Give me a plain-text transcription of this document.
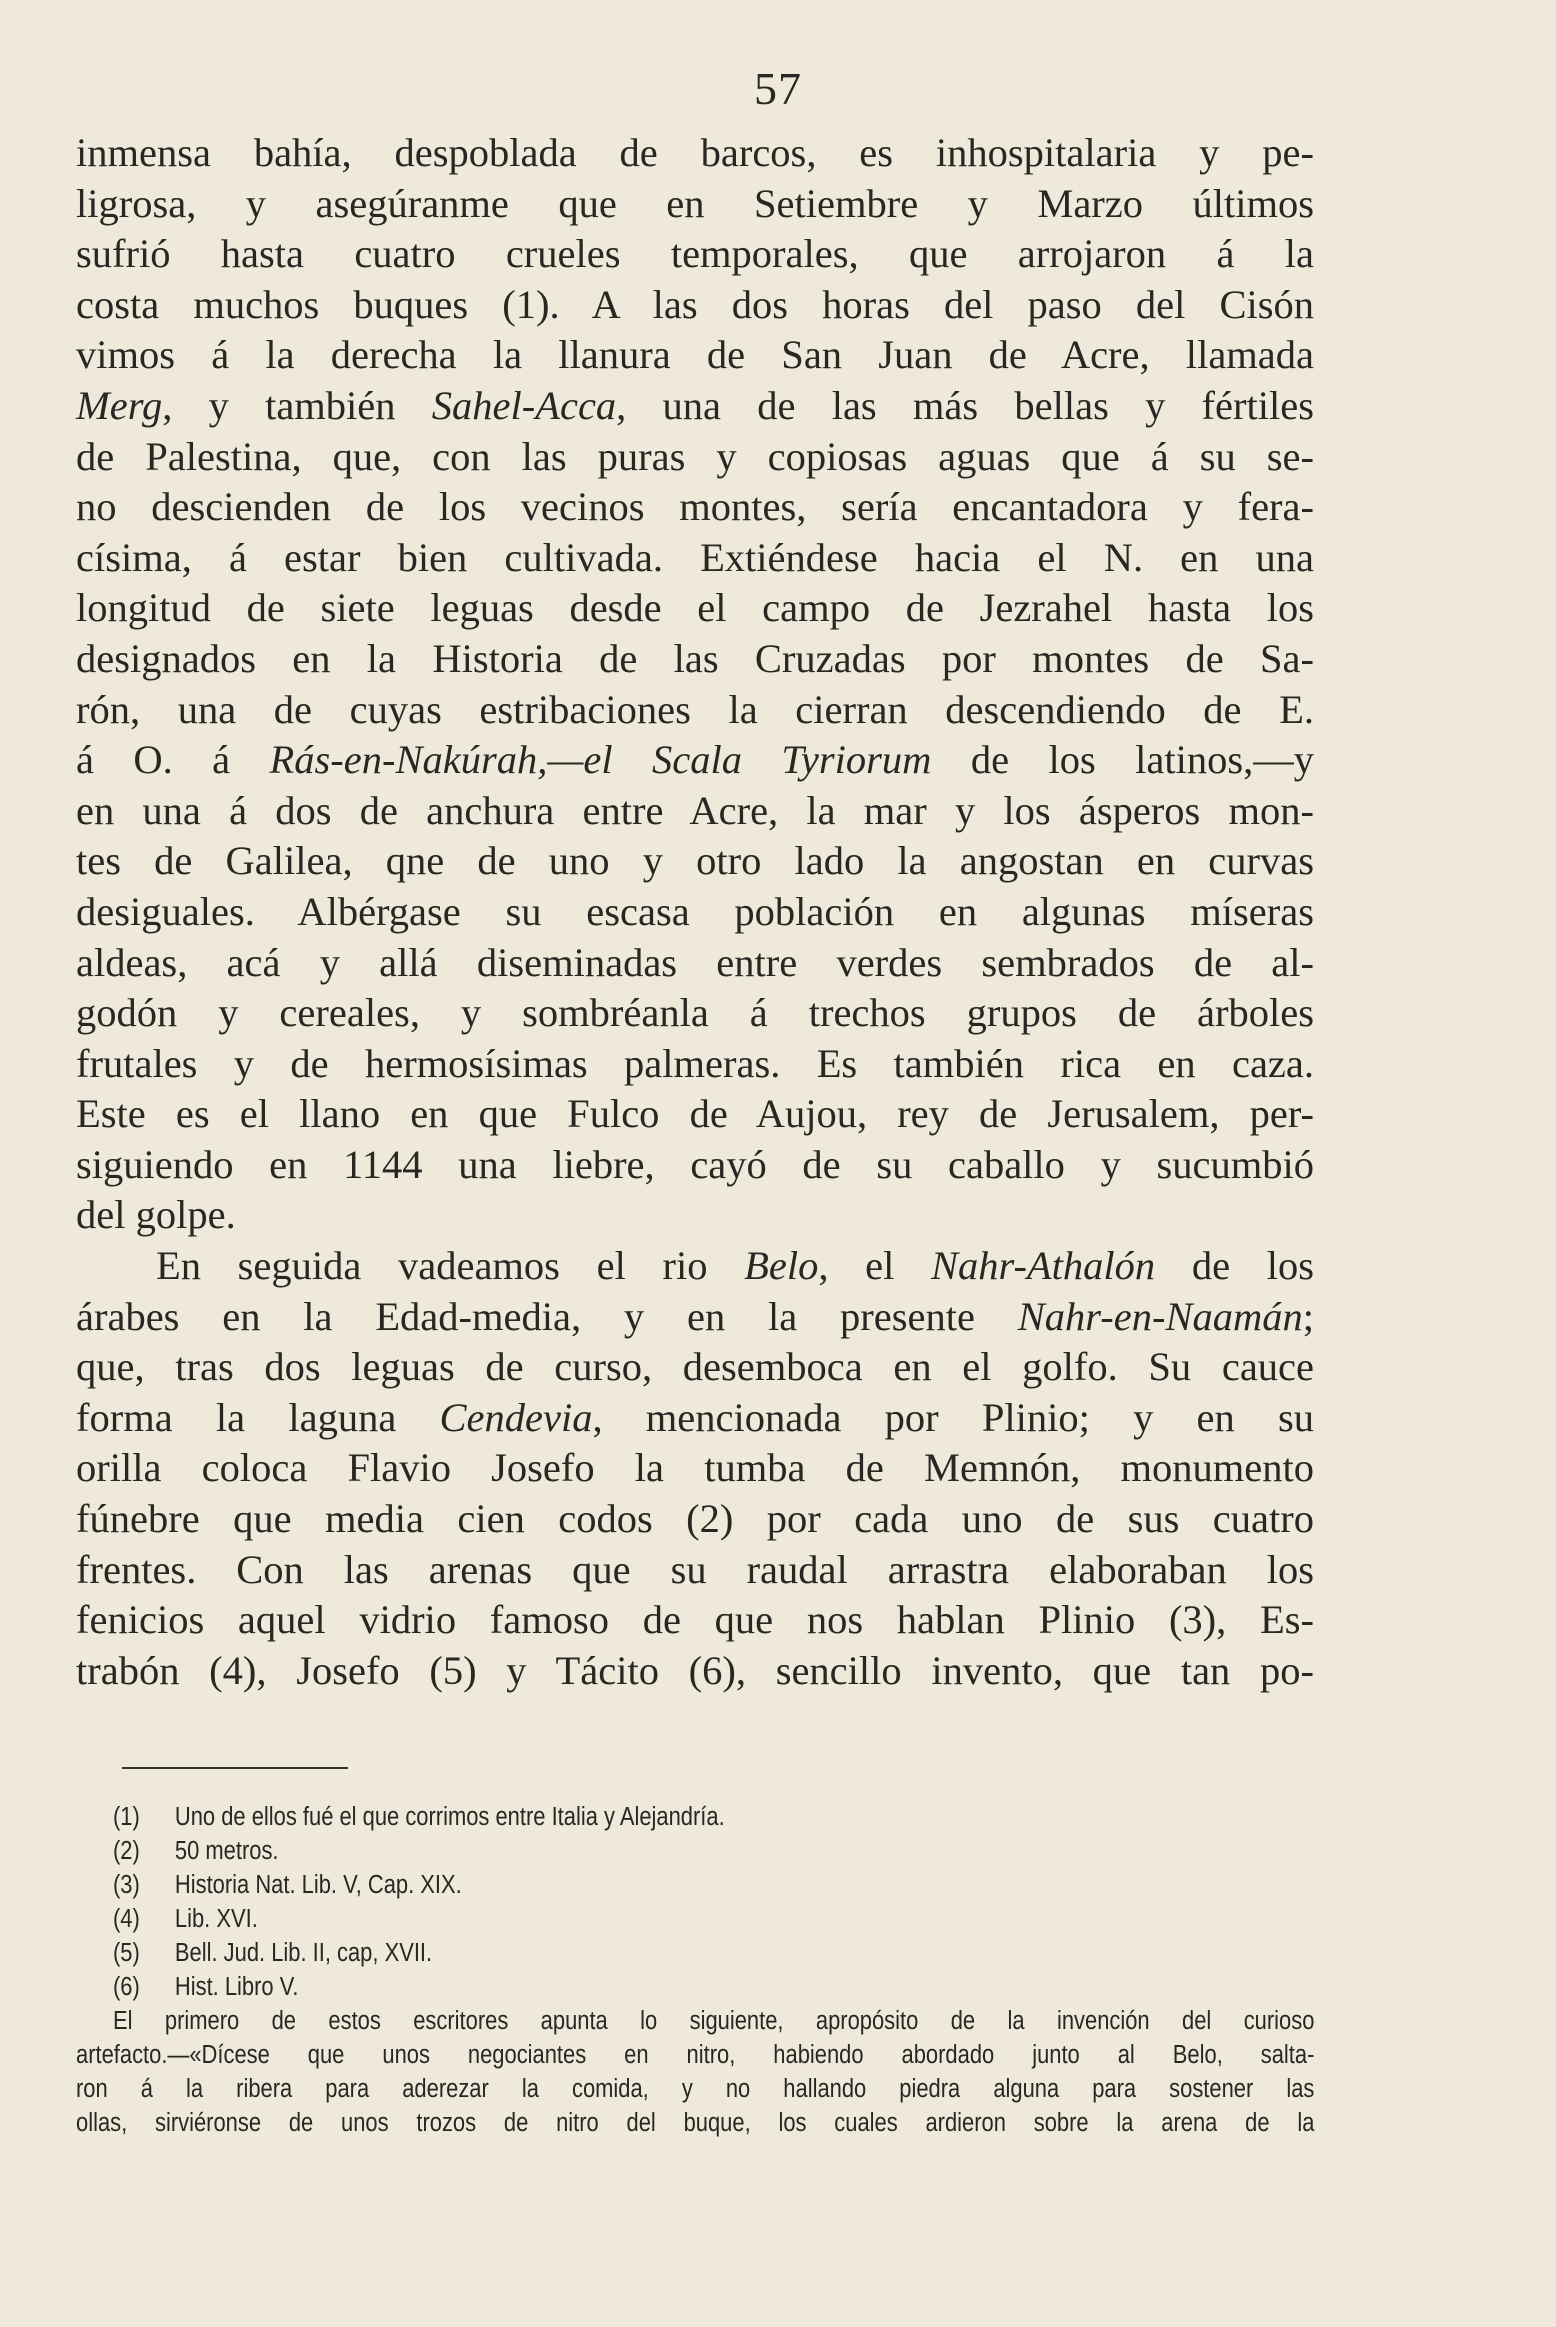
57
inmensa bahía, despoblada de barcos, es inhospitalaria y pe-
ligrosa, y asegúranme que en Setiembre y Marzo últimos
sufrió hasta cuatro crueles temporales, que arrojaron á la
costa muchos buques (1). A las dos horas del paso del Cisón
vimos á la derecha la llanura de San Juan de Acre, llamada
Merg, y también Sahel-Acca, una de las más bellas y fértiles
de Palestina, que, con las puras y copiosas aguas que á su se-
no descienden de los vecinos montes, sería encantadora y fera-
císima, á estar bien cultivada. Extiéndese hacia el N. en una
longitud de siete leguas desde el campo de Jezrahel hasta los
designados en la Historia de las Cruzadas por montes de Sa-
rón, una de cuyas estribaciones la cierran descendiendo de E.
á O. á Rás-en-Nakúrah,—el Scala Tyriorum de los latinos,—y
en una á dos de anchura entre Acre, la mar y los ásperos mon-
tes de Galilea, qne de uno y otro lado la angostan en curvas
desiguales. Albérgase su escasa población en algunas míseras
aldeas, acá y allá diseminadas entre verdes sembrados de al-
godón y cereales, y sombréanla á trechos grupos de árboles
frutales y de hermosísimas palmeras. Es también rica en caza.
Este es el llano en que Fulco de Aujou, rey de Jerusalem, per-
siguiendo en 1144 una liebre, cayó de su caballo y sucumbió
del golpe.
En seguida vadeamos el rio Belo, el Nahr-Athalón de los
árabes en la Edad-media, y en la presente Nahr-en-Naamán;
que, tras dos leguas de curso, desemboca en el golfo. Su cauce
forma la laguna Cendevia, mencionada por Plinio; y en su
orilla coloca Flavio Josefo la tumba de Memnón, monumento
fúnebre que media cien codos (2) por cada uno de sus cuatro
frentes. Con las arenas que su raudal arrastra elaboraban los
fenicios aquel vidrio famoso de que nos hablan Plinio (3), Es-
trabón (4), Josefo (5) y Tácito (6), sencillo invento, que tan po-
(1) Uno de ellos fué el que corrimos entre Italia y Alejandría.
(2) 50 metros.
(3) Historia Nat. Lib. V, Cap. XIX.
(4) Lib. XVI.
(5) Bell. Jud. Lib. II, cap, XVII.
(6) Hist. Libro V.
El primero de estos escritores apunta lo siguiente, apropósito de la invención del curioso
artefacto.—«Dícese que unos negociantes en nitro, habiendo abordado junto al Belo, salta-
ron á la ribera para aderezar la comida, y no hallando piedra alguna para sostener las
ollas, sirviéronse de unos trozos de nitro del buque, los cuales ardieron sobre la arena de la
